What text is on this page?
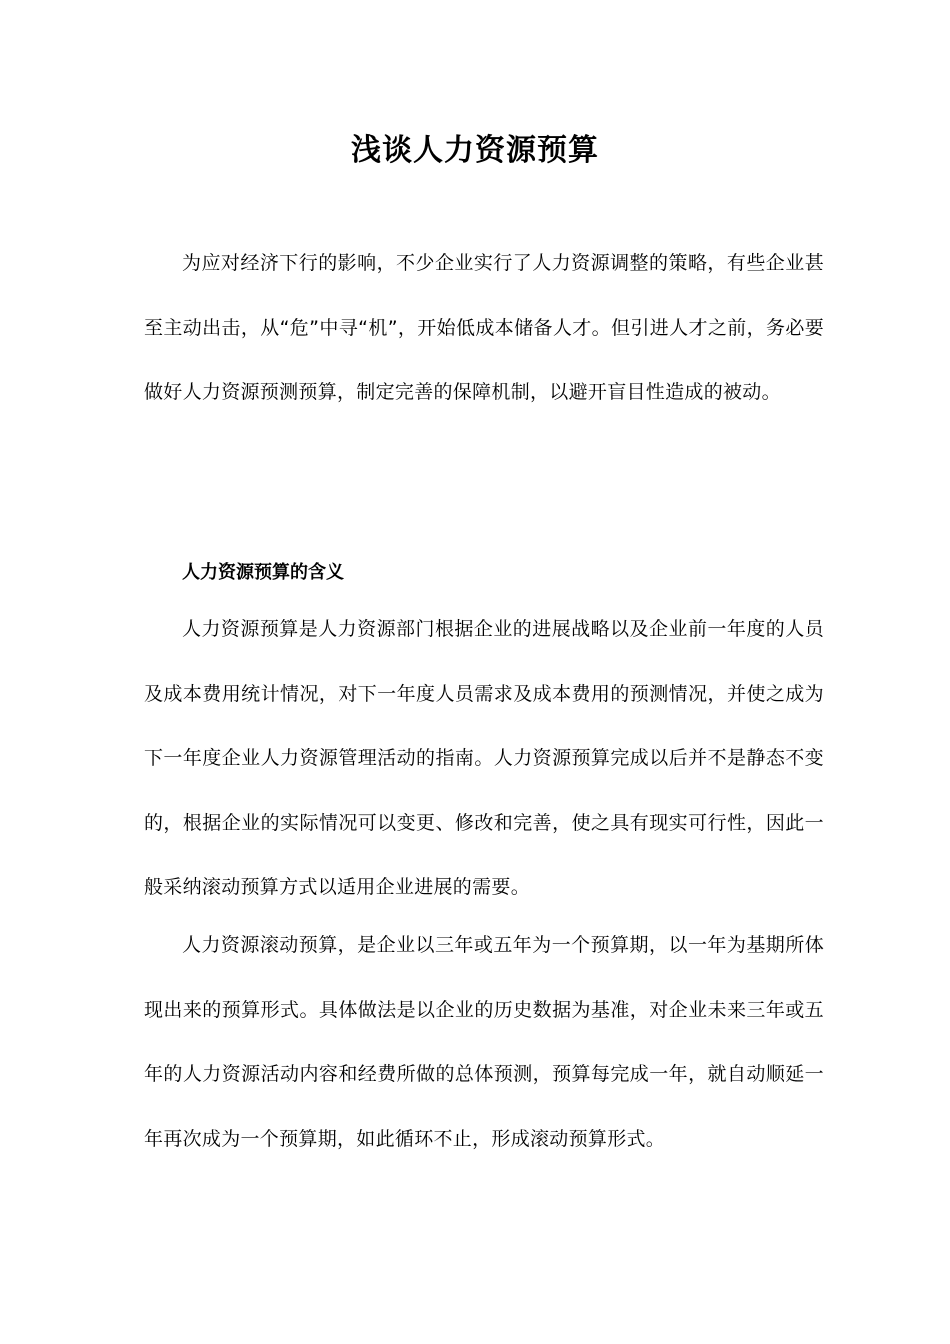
浅谈人力资源预算

为应对经济下行的影响，不少企业实行了人力资源调整的策略，有些企业甚至主动出击，从“危”中寻“机”，开始低成本储备人才。但引进人才之前，务必要做好人力资源预测预算，制定完善的保障机制，以避开盲目性造成的被动。

人力资源预算的含义

人力资源预算是人力资源部门根据企业的进展战略以及企业前一年度的人员及成本费用统计情况，对下一年度人员需求及成本费用的预测情况，并使之成为下一年度企业人力资源管理活动的指南。人力资源预算完成以后并不是静态不变的，根据企业的实际情况可以变更、修改和完善，使之具有现实可行性，因此一般采纳滚动预算方式以适用企业进展的需要。

人力资源滚动预算，是企业以三年或五年为一个预算期，以一年为基期所体现出来的预算形式。具体做法是以企业的历史数据为基准，对企业未来三年或五年的人力资源活动内容和经费所做的总体预测，预算每完成一年，就自动顺延一年再次成为一个预算期，如此循环不止，形成滚动预算形式。
